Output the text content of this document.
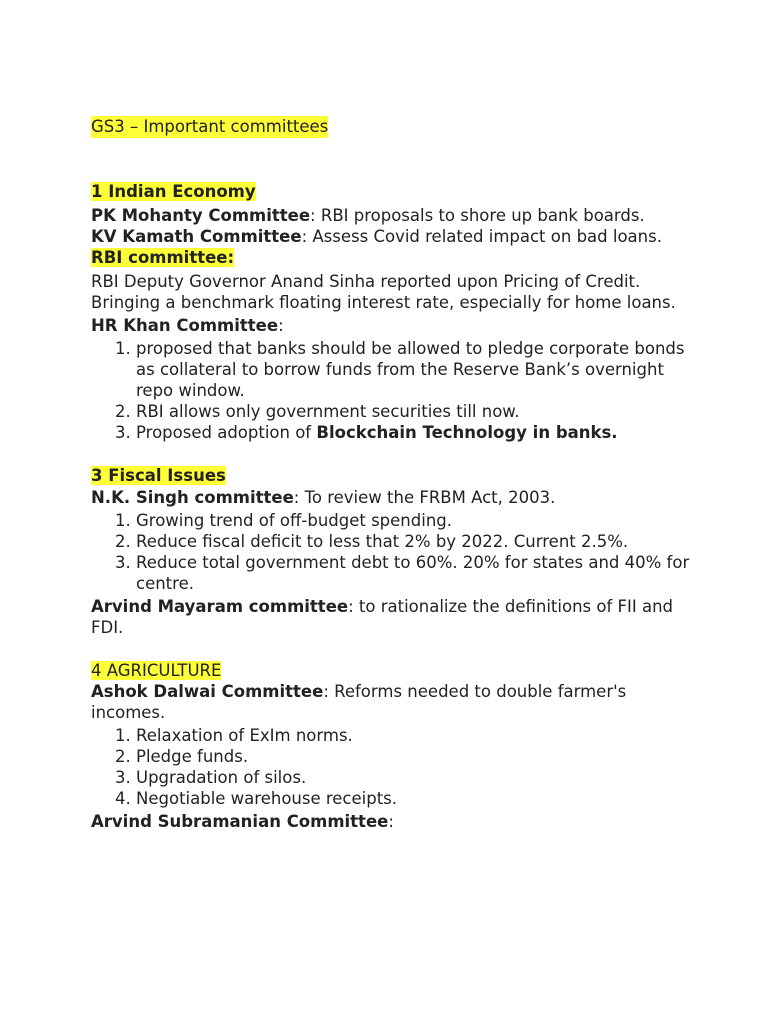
GS3 – Important committees

1 Indian Economy

PK Mohanty Committee: RBI proposals to shore up bank boards.

KV Kamath Committee: Assess Covid related impact on bad loans.

RBI committee:

RBI Deputy Governor Anand Sinha reported upon Pricing of Credit. Bringing a benchmark floating interest rate, especially for home loans.

HR Khan Committee:

1. proposed that banks should be allowed to pledge corporate bonds as collateral to borrow funds from the Reserve Bank’s overnight repo window.
2. RBI allows only government securities till now.
3. Proposed adoption of Blockchain Technology in banks.

3 Fiscal Issues

N.K. Singh committee: To review the FRBM Act, 2003.

1. Growing trend of off-budget spending.
2. Reduce fiscal deficit to less that 2% by 2022. Current 2.5%.
3. Reduce total government debt to 60%. 20% for states and 40% for centre.

Arvind Mayaram committee: to rationalize the definitions of FII and FDI.

4 AGRICULTURE

Ashok Dalwai Committee: Reforms needed to double farmer's incomes.

1. Relaxation of ExIm norms.
2. Pledge funds.
3. Upgradation of silos.
4. Negotiable warehouse receipts.

Arvind Subramanian Committee:
